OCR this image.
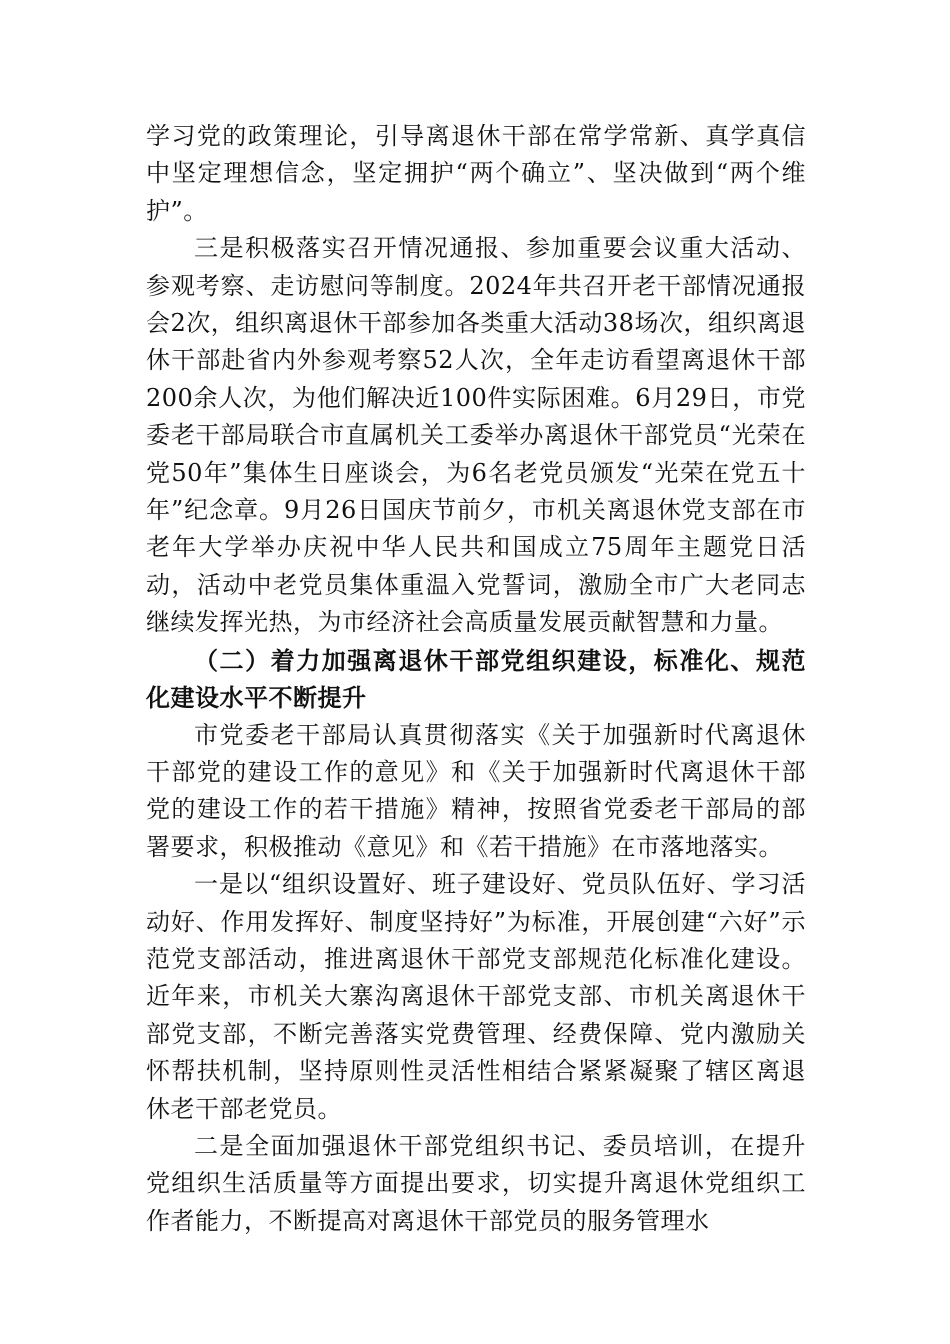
学习党的政策理论，引导离退休干部在常学常新、真学真信中坚定理想信念，坚定拥护“两个确立”、坚决做到“两个维护”。

三是积极落实召开情况通报、参加重要会议重大活动、参观考察、走访慰问等制度。2024年共召开老干部情况通报会2次，组织离退休干部参加各类重大活动38场次，组织离退休干部赴省内外参观考察52人次，全年走访看望离退休干部200余人次，为他们解决近100件实际困难。6月29日，市党委老干部局联合市直属机关工委举办离退休干部党员“光荣在党50年”集体生日座谈会，为6名老党员颁发“光荣在党五十年”纪念章。9月26日国庆节前夕，市机关离退休党支部在市老年大学举办庆祝中华人民共和国成立75周年主题党日活动，活动中老党员集体重温入党誓词，激励全市广大老同志继续发挥光热，为市经济社会高质量发展贡献智慧和力量。

（二）着力加强离退休干部党组织建设，标准化、规范化建设水平不断提升

市党委老干部局认真贯彻落实《关于加强新时代离退休干部党的建设工作的意见》和《关于加强新时代离退休干部党的建设工作的若干措施》精神，按照省党委老干部局的部署要求，积极推动《意见》和《若干措施》在市落地落实。

一是以“组织设置好、班子建设好、党员队伍好、学习活动好、作用发挥好、制度坚持好”为标准，开展创建“六好”示范党支部活动，推进离退休干部党支部规范化标准化建设。近年来，市机关大寨沟离退休干部党支部、市机关离退休干部党支部，不断完善落实党费管理、经费保障、党内激励关怀帮扶机制，坚持原则性灵活性相结合紧紧凝聚了辖区离退休老干部老党员。

二是全面加强退休干部党组织书记、委员培训，在提升党组织生活质量等方面提出要求，切实提升离退休党组织工作者能力，不断提高对离退休干部党员的服务管理水
